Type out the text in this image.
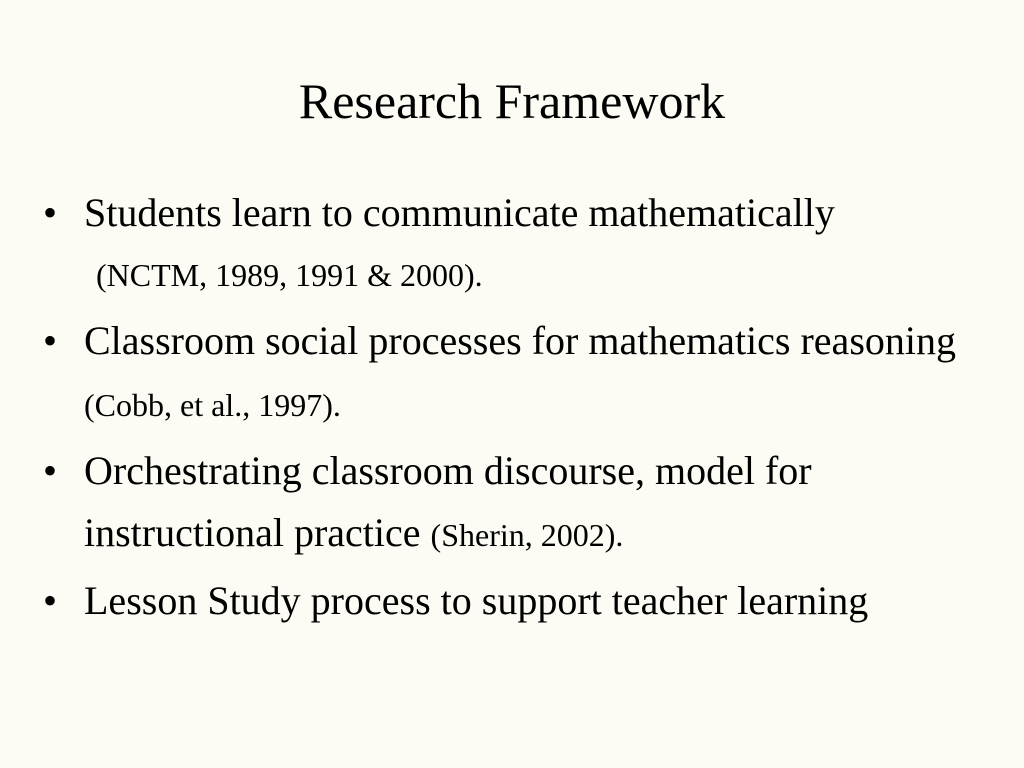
Research Framework
• Students learn to communicate mathematically
(NCTM, 1989, 1991 & 2000).
• Classroom social processes for mathematics reasoning (Cobb, et al., 1997).
• Orchestrating classroom discourse, model for instructional practice (Sherin, 2002).
• Lesson Study process to support teacher learning
